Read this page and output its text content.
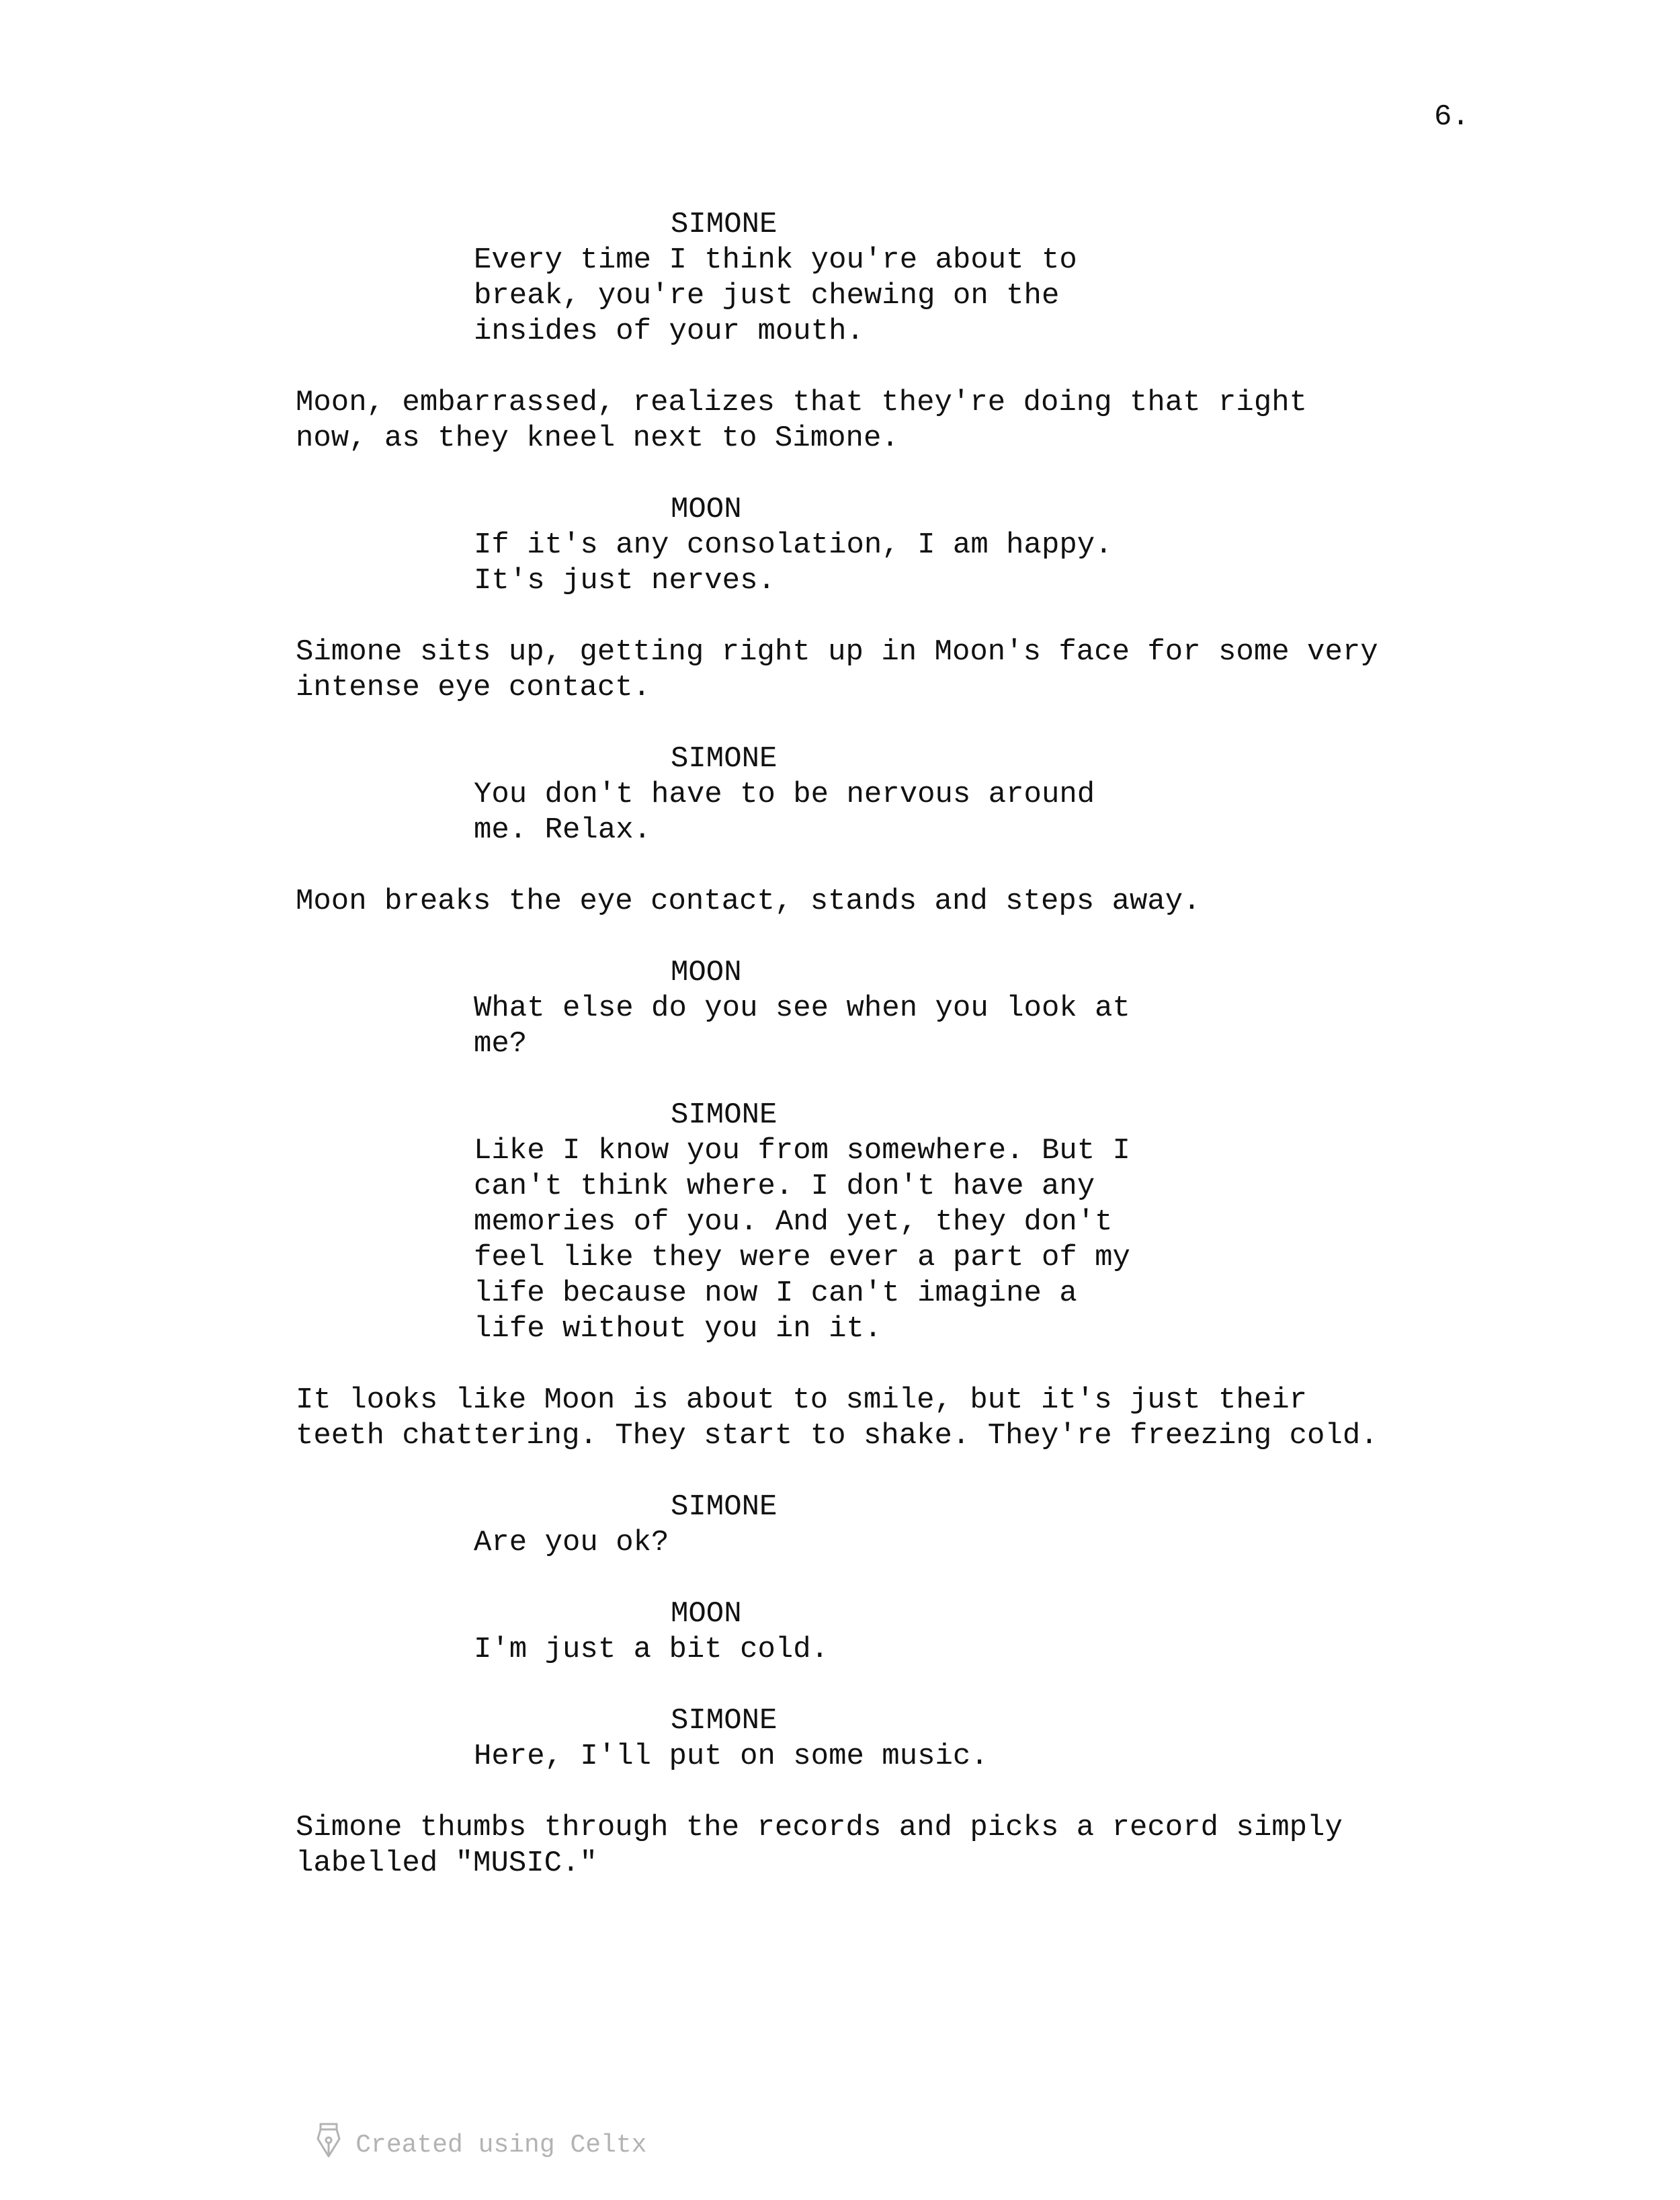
6.
SIMONE
Every time I think you're about to
break, you're just chewing on the
insides of your mouth.
Moon, embarrassed, realizes that they're doing that right
now, as they kneel next to Simone.
MOON
If it's any consolation, I am happy.
It's just nerves.
Simone sits up, getting right up in Moon's face for some very
intense eye contact.
SIMONE
You don't have to be nervous around
me. Relax.
Moon breaks the eye contact, stands and steps away.
MOON
What else do you see when you look at
me?
SIMONE
Like I know you from somewhere. But I
can't think where. I don't have any
memories of you. And yet, they don't
feel like they were ever a part of my
life because now I can't imagine a
life without you in it.
It looks like Moon is about to smile, but it's just their
teeth chattering. They start to shake. They're freezing cold.
SIMONE
Are you ok?
MOON
I'm just a bit cold.
SIMONE
Here, I'll put on some music.
Simone thumbs through the records and picks a record simply
labelled "MUSIC."

Created using Celtx
